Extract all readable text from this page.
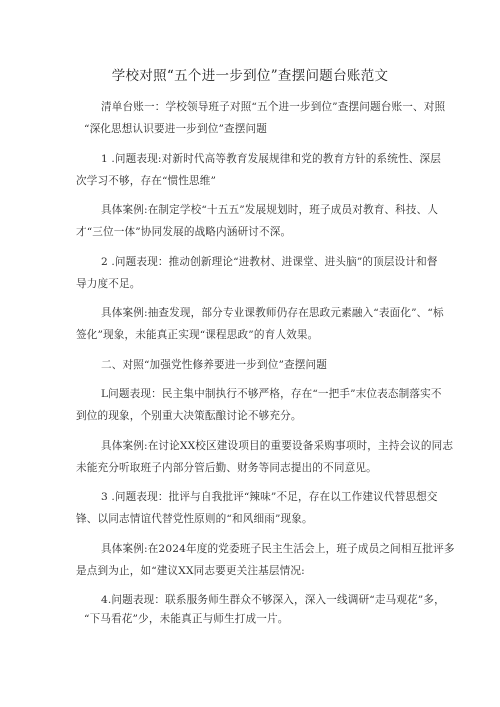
学校对照“五个进一步到位”查摆问题台账范文
清单台账一：学校领导班子对照“五个进一步到位”查摆问题台账一、对照
“深化思想认识要进一步到位”查摆问题
1 .问题表现:对新时代高等教育发展规律和党的教育方针的系统性、深层
次学习不够，存在“惯性思维”
具体案例:在制定学校“十五五”发展规划时，班子成员对教育、科技、人
才“三位一体”协同发展的战略内涵研讨不深。
2 .问题表现：推动创新理论“进教材、进课堂、进头脑”的顶层设计和督
导力度不足。
具体案例:抽查发现，部分专业课教师仍存在思政元素融入“表面化”、“标
签化”现象，未能真正实现“课程思政”的育人效果。
二、对照“加强党性修养要进一步到位”查摆问题
L问题表现：民主集中制执行不够严格，存在“一把手”末位表态制落实不
到位的现象，个别重大决策酝酿讨论不够充分。
具体案例:在讨论XX校区建设项目的重要设备采购事项时，主持会议的同志
未能充分听取班子内部分管后勤、财务等同志提出的不同意见。
3 .问题表现：批评与自我批评“辣味”不足，存在以工作建议代替思想交
锋、以同志情谊代替党性原则的“和风细雨”现象。
具体案例:在2024年度的党委班子民主生活会上，班子成员之间相互批评多
是点到为止，如“建议XX同志要更关注基层情况:
4.问题表现：联系服务师生群众不够深入，深入一线调研“走马观花”多，
“下马看花”少，未能真正与师生打成一片。
